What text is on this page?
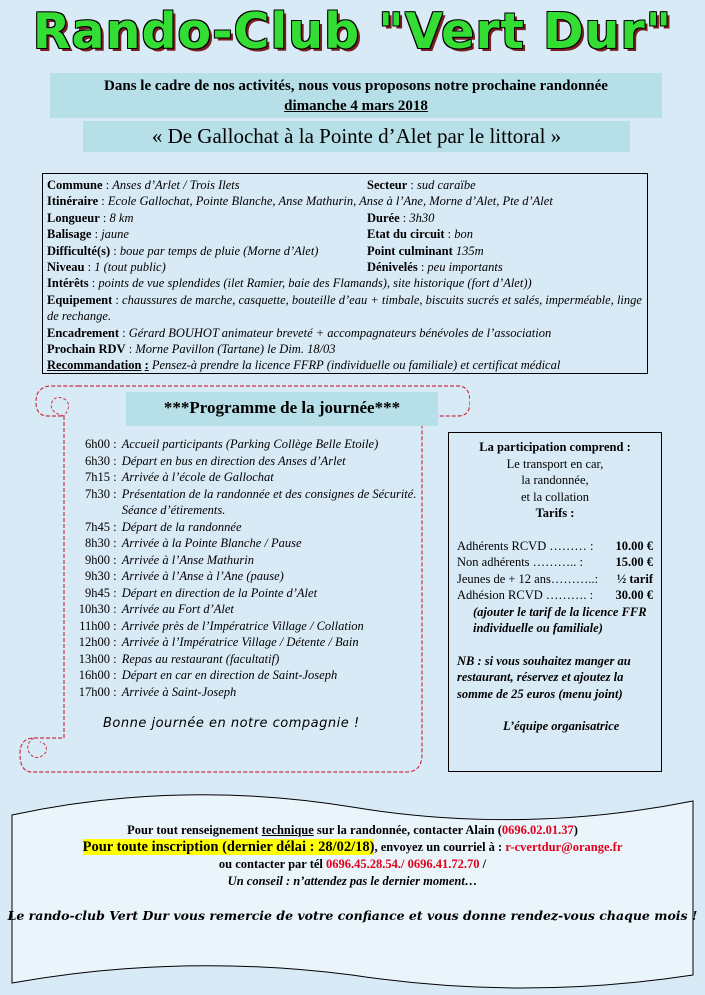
Rando-Club "Vert Dur"
Dans le cadre de nos activités, nous vous proposons notre prochaine randonnée
dimanche 4 mars 2018
« De Gallochat à la Pointe d’Alet par le littoral »
Commune : Anses d’Arlet / Trois Ilets	Secteur : sud caraïbe
Itinéraire : Ecole Gallochat, Pointe Blanche, Anse Mathurin, Anse à l’Ane, Morne d’Alet, Pte d’Alet
Longueur : 8 km	Durée : 3h30
Balisage : jaune	Etat du circuit : bon
Difficulté(s) : boue par temps de pluie (Morne d’Alet)	Point culminant 135m
Niveau : 1 (tout public)	Dénivelés : peu importants
Intérêts : points de vue splendides (ilet Ramier, baie des Flamands), site historique (fort d’Alet))
Equipement : chaussures de marche, casquette, bouteille d’eau + timbale, biscuits sucrés et salés, imperméable, linge de rechange.
Encadrement : Gérard BOUHOT animateur breveté + accompagnateurs bénévoles de l’association
Prochain RDV : Morne Pavillon (Tartane) le Dim. 18/03
Recommandation : Pensez-à prendre la licence FFRP (individuelle ou familiale) et certificat médical
***Programme de la journée***
6h00 : Accueil participants (Parking Collège Belle Etoile)
6h30 : Départ en bus en direction des Anses d’Arlet
7h15 : Arrivée à l’école de Gallochat
7h30 : Présentation de la randonnée et des consignes de Sécurité. Séance d’étirements.
7h45 : Départ de la randonnée
8h30 : Arrivée à la Pointe Blanche / Pause
9h00 : Arrivée à l’Anse Mathurin
9h30 : Arrivée à l’Anse à l’Ane (pause)
9h45 : Départ en direction de la Pointe d’Alet
10h30 : Arrivée au Fort d’Alet
11h00 : Arrivée près de l’Impératrice Village / Collation
12h00 : Arrivée à l’Impératrice Village / Détente / Bain
13h00 : Repas au restaurant (facultatif)
16h00 : Départ en car en direction de Saint-Joseph
17h00 : Arrivée à Saint-Joseph
Bonne journée en notre compagnie !
La participation comprend :
Le transport en car,
la randonnée,
et la collation
Tarifs :
Adhérents RCVD ……… : 10.00 €
Non adhérents ……….. :	15.00 €
Jeunes de + 12 ans………..: ½ tarif
Adhésion RCVD ………. : 30.00 €
(ajouter le tarif de la licence FFR individuelle ou familiale)
NB : si vous souhaitez manger au restaurant, réservez et ajoutez la somme de 25 euros (menu joint)
L’équipe organisatrice
Pour tout renseignement technique sur la randonnée, contacter Alain (0696.02.01.37)
Pour toute inscription (dernier délai : 28/02/18), envoyez un courriel à : r-cvertdur@orange.fr
ou contacter par tél 0696.45.28.54./ 0696.41.72.70 /
Un conseil : n’attendez pas le dernier moment…
Le rando-club Vert Dur vous remercie de votre confiance et vous donne rendez-vous chaque mois !
